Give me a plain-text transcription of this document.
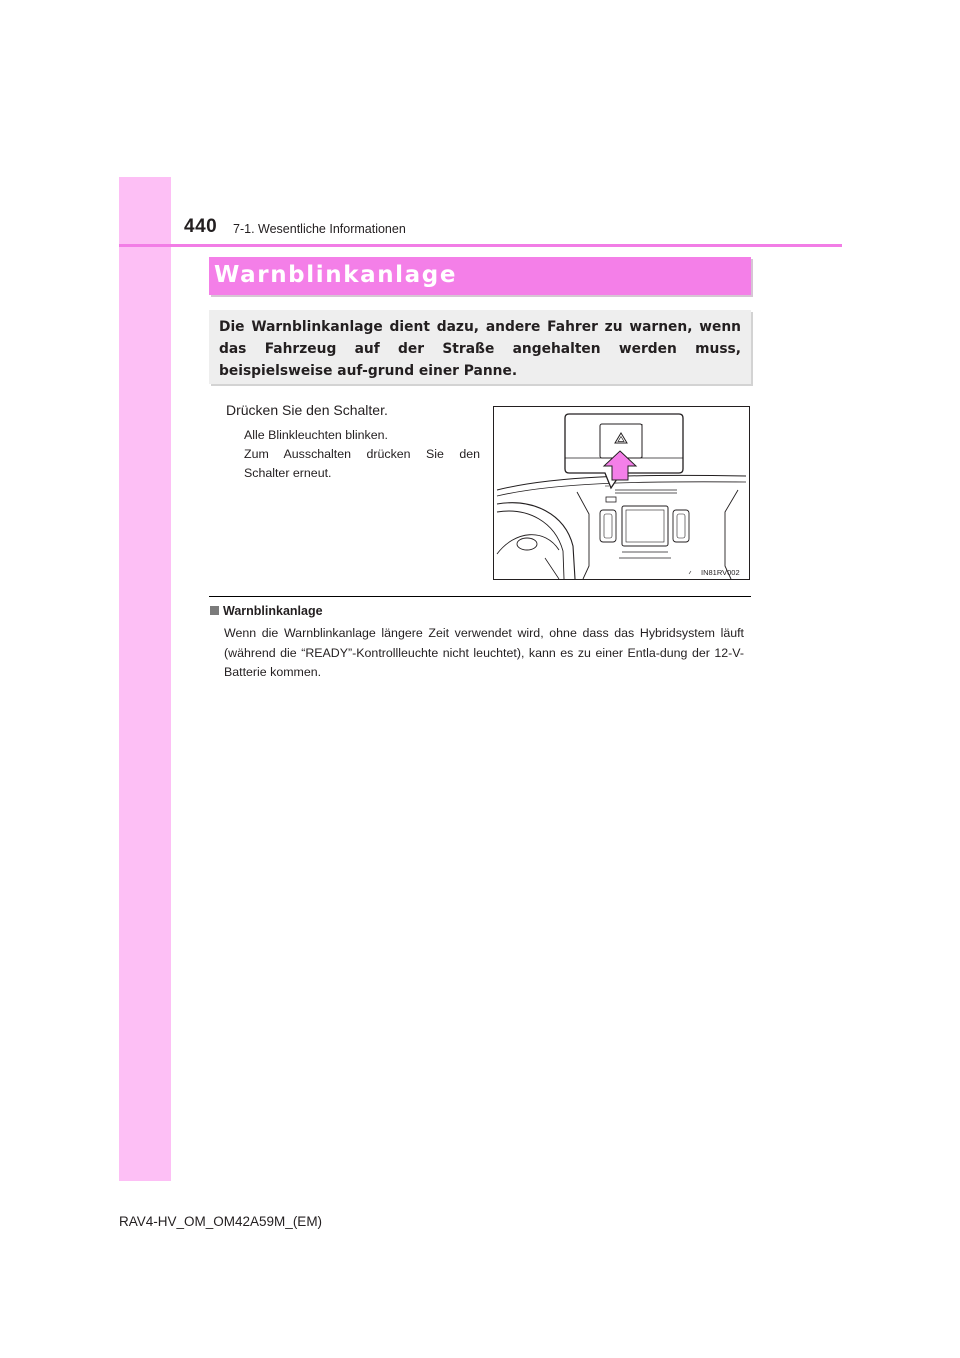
440 7-1. Wesentliche Informationen
Warnblinkanlage

Die Warnblinkanlage dient dazu, andere Fahrer zu warnen, wenn das Fahrzeug auf der Straße angehalten werden muss, beispielsweise auf-grund einer Panne.

Drücken Sie den Schalter.

Alle Blinkleuchten blinken.
Zum Ausschalten drücken Sie den
Schalter erneut.
IN81RV002

Warnblinkanlage

Wenn die Warnblinkanlage längere Zeit verwendet wird, ohne dass das Hybridsystem läuft (während die “READY”-Kontrollleuchte nicht leuchtet), kann es zu einer Entla-dung der 12-V-Batterie kommen.

RAV4-HV_OM_OM42A59M_(EM)
